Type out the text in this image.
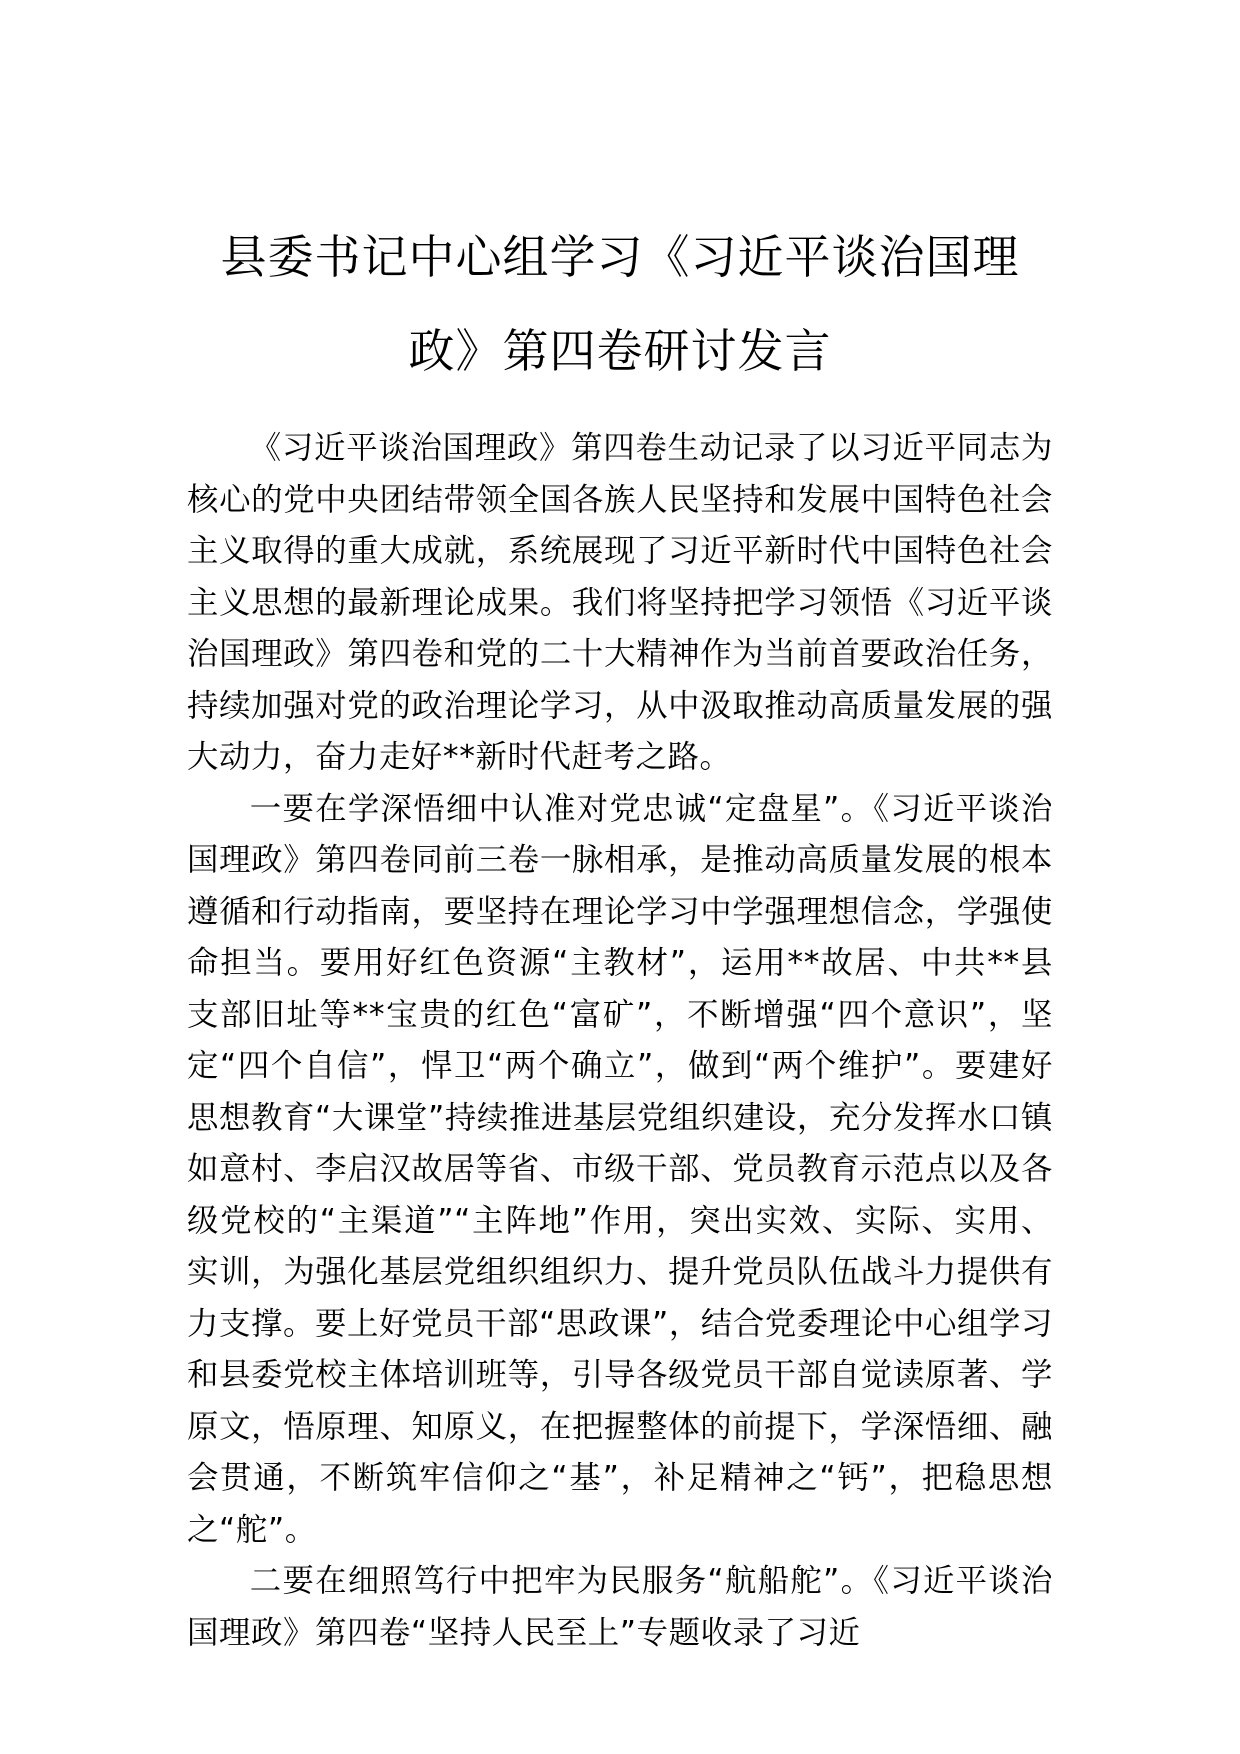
县委书记中心组学习《习近平谈治国理
政》第四卷研讨发言

《习近平谈治国理政》第四卷生动记录了以习近平同志为核心的党中央团结带领全国各族人民坚持和发展中国特色社会主义取得的重大成就，系统展现了习近平新时代中国特色社会主义思想的最新理论成果。我们将坚持把学习领悟《习近平谈治国理政》第四卷和党的二十大精神作为当前首要政治任务，持续加强对党的政治理论学习，从中汲取推动高质量发展的强大动力，奋力走好**新时代赶考之路。

一要在学深悟细中认准对党忠诚“定盘星”。《习近平谈治国理政》第四卷同前三卷一脉相承，是推动高质量发展的根本遵循和行动指南，要坚持在理论学习中学强理想信念，学强使命担当。要用好红色资源“主教材”，运用**故居、中共**县支部旧址等**宝贵的红色“富矿”，不断增强“四个意识”，坚定“四个自信”，悍卫“两个确立”，做到“两个维护”。要建好思想教育“大课堂”持续推进基层党组织建设，充分发挥水口镇如意村、李启汉故居等省、市级干部、党员教育示范点以及各级党校的“主渠道”“主阵地”作用，突出实效、实际、实用、实训，为强化基层党组织组织力、提升党员队伍战斗力提供有力支撑。要上好党员干部“思政课”，结合党委理论中心组学习和县委党校主体培训班等，引导各级党员干部自觉读原著、学原文，悟原理、知原义，在把握整体的前提下，学深悟细、融会贯通，不断筑牢信仰之“基”，补足精神之“钙”，把稳思想之“舵”。

二要在细照笃行中把牢为民服务“航船舵”。《习近平谈治国理政》第四卷“坚持人民至上”专题收录了习近
